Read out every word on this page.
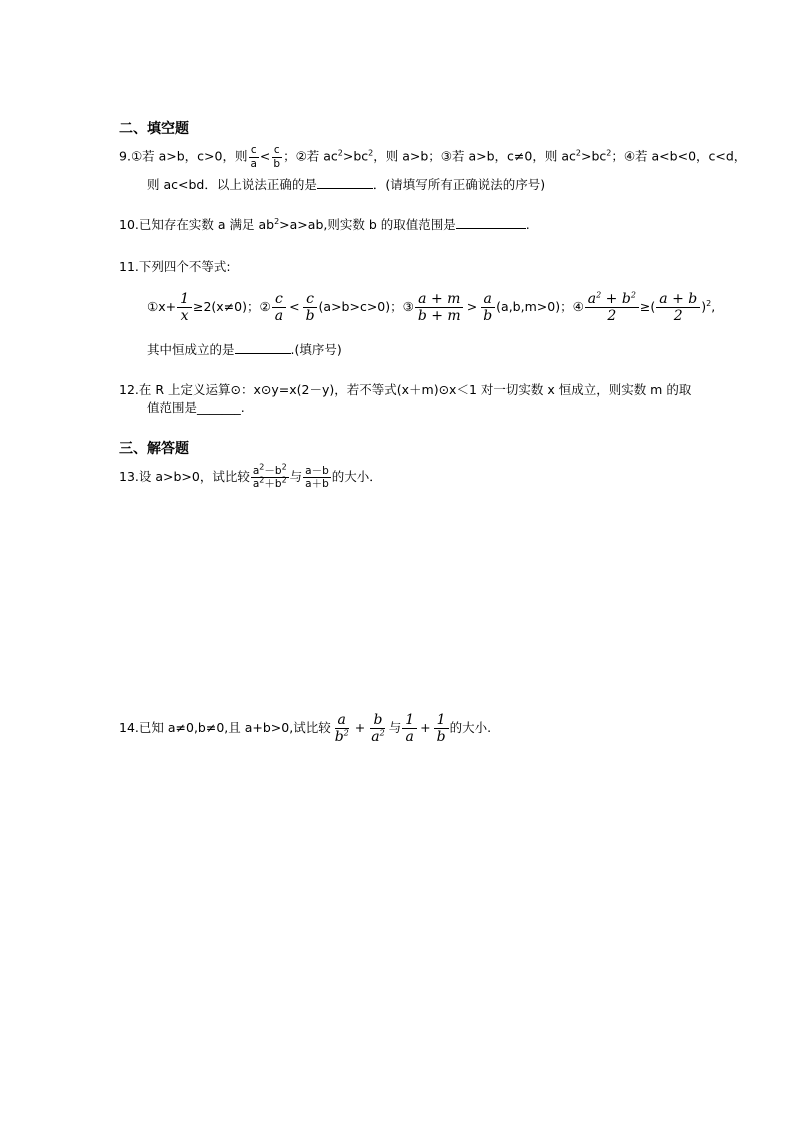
二、填空题
9.①若 a>b，c>0，则 $\frac{c}{a} < \frac{c}{b}$ ；②若 $ac^2>bc^2$，则 a>b；③若 a>b，c≠0，则 $ac^2>bc^2$；④若 a<b<0，c<d，
则 ac<bd．以上说法正确的是	．(请填写所有正确说法的序号)
10.已知存在实数 a 满足 $ab^2>a>ab$,则实数 b 的取值范围是	.
11.下列四个不等式:
①x+ $\frac{1}{x} \ge 2(x\ne 0)$；② $\frac{c}{a} < \frac{c}{b} (a>b>c>0)$；③ $\frac{a + m}{b + m} > \frac{a}{b} (a,b,m>0)$；④ $\frac{a^2 + b^2}{2}$ ≥( $\frac{a + b}{2} )^2$,
其中恒成立的是	.(填序号)
12.在 R 上定义运算⊙：x⊙y=x(2－y)，若不等式(x＋m)⊙x＜1 对一切实数 x 恒成立，则实数 m 的取
值范围是_______.
三、解答题
13.设 a>b>0，试比较 $\frac{a^2-b^2}{a^2+b^2}$ 与 $\frac{a-b}{a+b}$ 的大小．
14.已知 a≠0,b≠0,且 a+b>0,试比较 $\frac{a}{b^2} + \frac{b}{a^2}$ 与 $\frac{1}{a} + \frac{1}{b}$ 的大小.
